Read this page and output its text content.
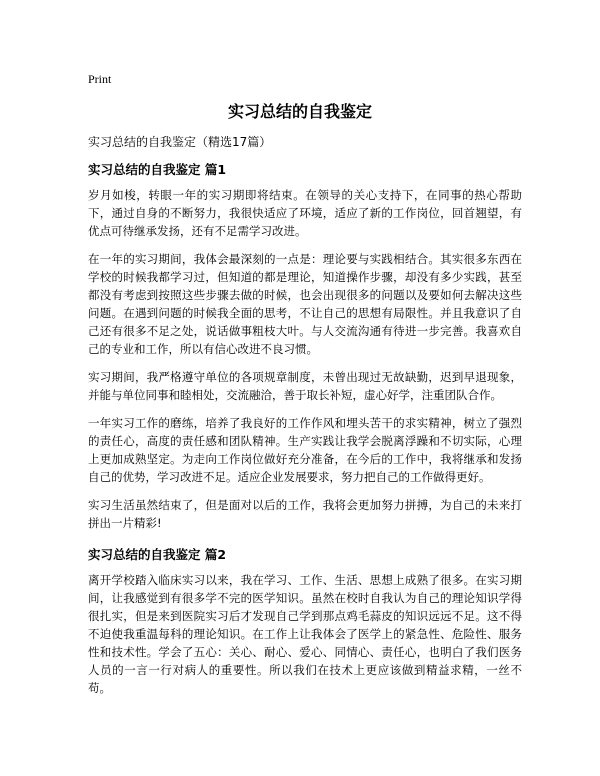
Print
实习总结的自我鉴定
实习总结的自我鉴定（精选17篇）
实习总结的自我鉴定 篇1

岁月如梭，转眼一年的实习期即将结束。在领导的关心支持下，在同事的热心帮助下，通过自身的不断努力，我很快适应了环境，适应了新的工作岗位，回首翘望，有优点可待继承发扬，还有不足需学习改进。

在一年的实习期间，我体会最深刻的一点是：理论要与实践相结合。其实很多东西在学校的时候我都学习过，但知道的都是理论，知道操作步骤，却没有多少实践，甚至都没有考虑到按照这些步骤去做的时候，也会出现很多的问题以及要如何去解决这些问题。在遇到问题的时候我全面的思考，不让自己的思想有局限性。并且我意识了自己还有很多不足之处，说话做事粗枝大叶。与人交流沟通有待进一步完善。我喜欢自己的专业和工作，所以有信心改进不良习惯。

实习期间，我严格遵守单位的各项规章制度，未曾出现过无故缺勤，迟到早退现象，并能与单位同事和睦相处，交流融洽，善于取长补短，虚心好学，注重团队合作。

一年实习工作的磨练，培养了我良好的工作作风和埋头苦干的求实精神，树立了强烈的责任心，高度的责任感和团队精神。生产实践让我学会脱离浮躁和不切实际，心理上更加成熟坚定。为走向工作岗位做好充分准备，在今后的工作中，我将继承和发扬自己的优势，学习改进不足。适应企业发展要求，努力把自己的工作做得更好。

实习生活虽然结束了，但是面对以后的工作，我将会更加努力拼搏，为自己的未来打拼出一片精彩!

实习总结的自我鉴定 篇2

离开学校踏入临床实习以来，我在学习、工作、生活、思想上成熟了很多。在实习期间，让我感觉到有很多学不完的医学知识。虽然在校时自我认为自己的理论知识学得很扎实，但是来到医院实习后才发现自己学到那点鸡毛蒜皮的知识远远不足。这不得不迫使我重温每科的理论知识。在工作上让我体会了医学上的紧急性、危险性、服务性和技术性。学会了五心：关心、耐心、爱心、同情心、责任心，也明白了我们医务人员的一言一行对病人的重要性。所以我们在技术上更应该做到精益求精，一丝不苟。
